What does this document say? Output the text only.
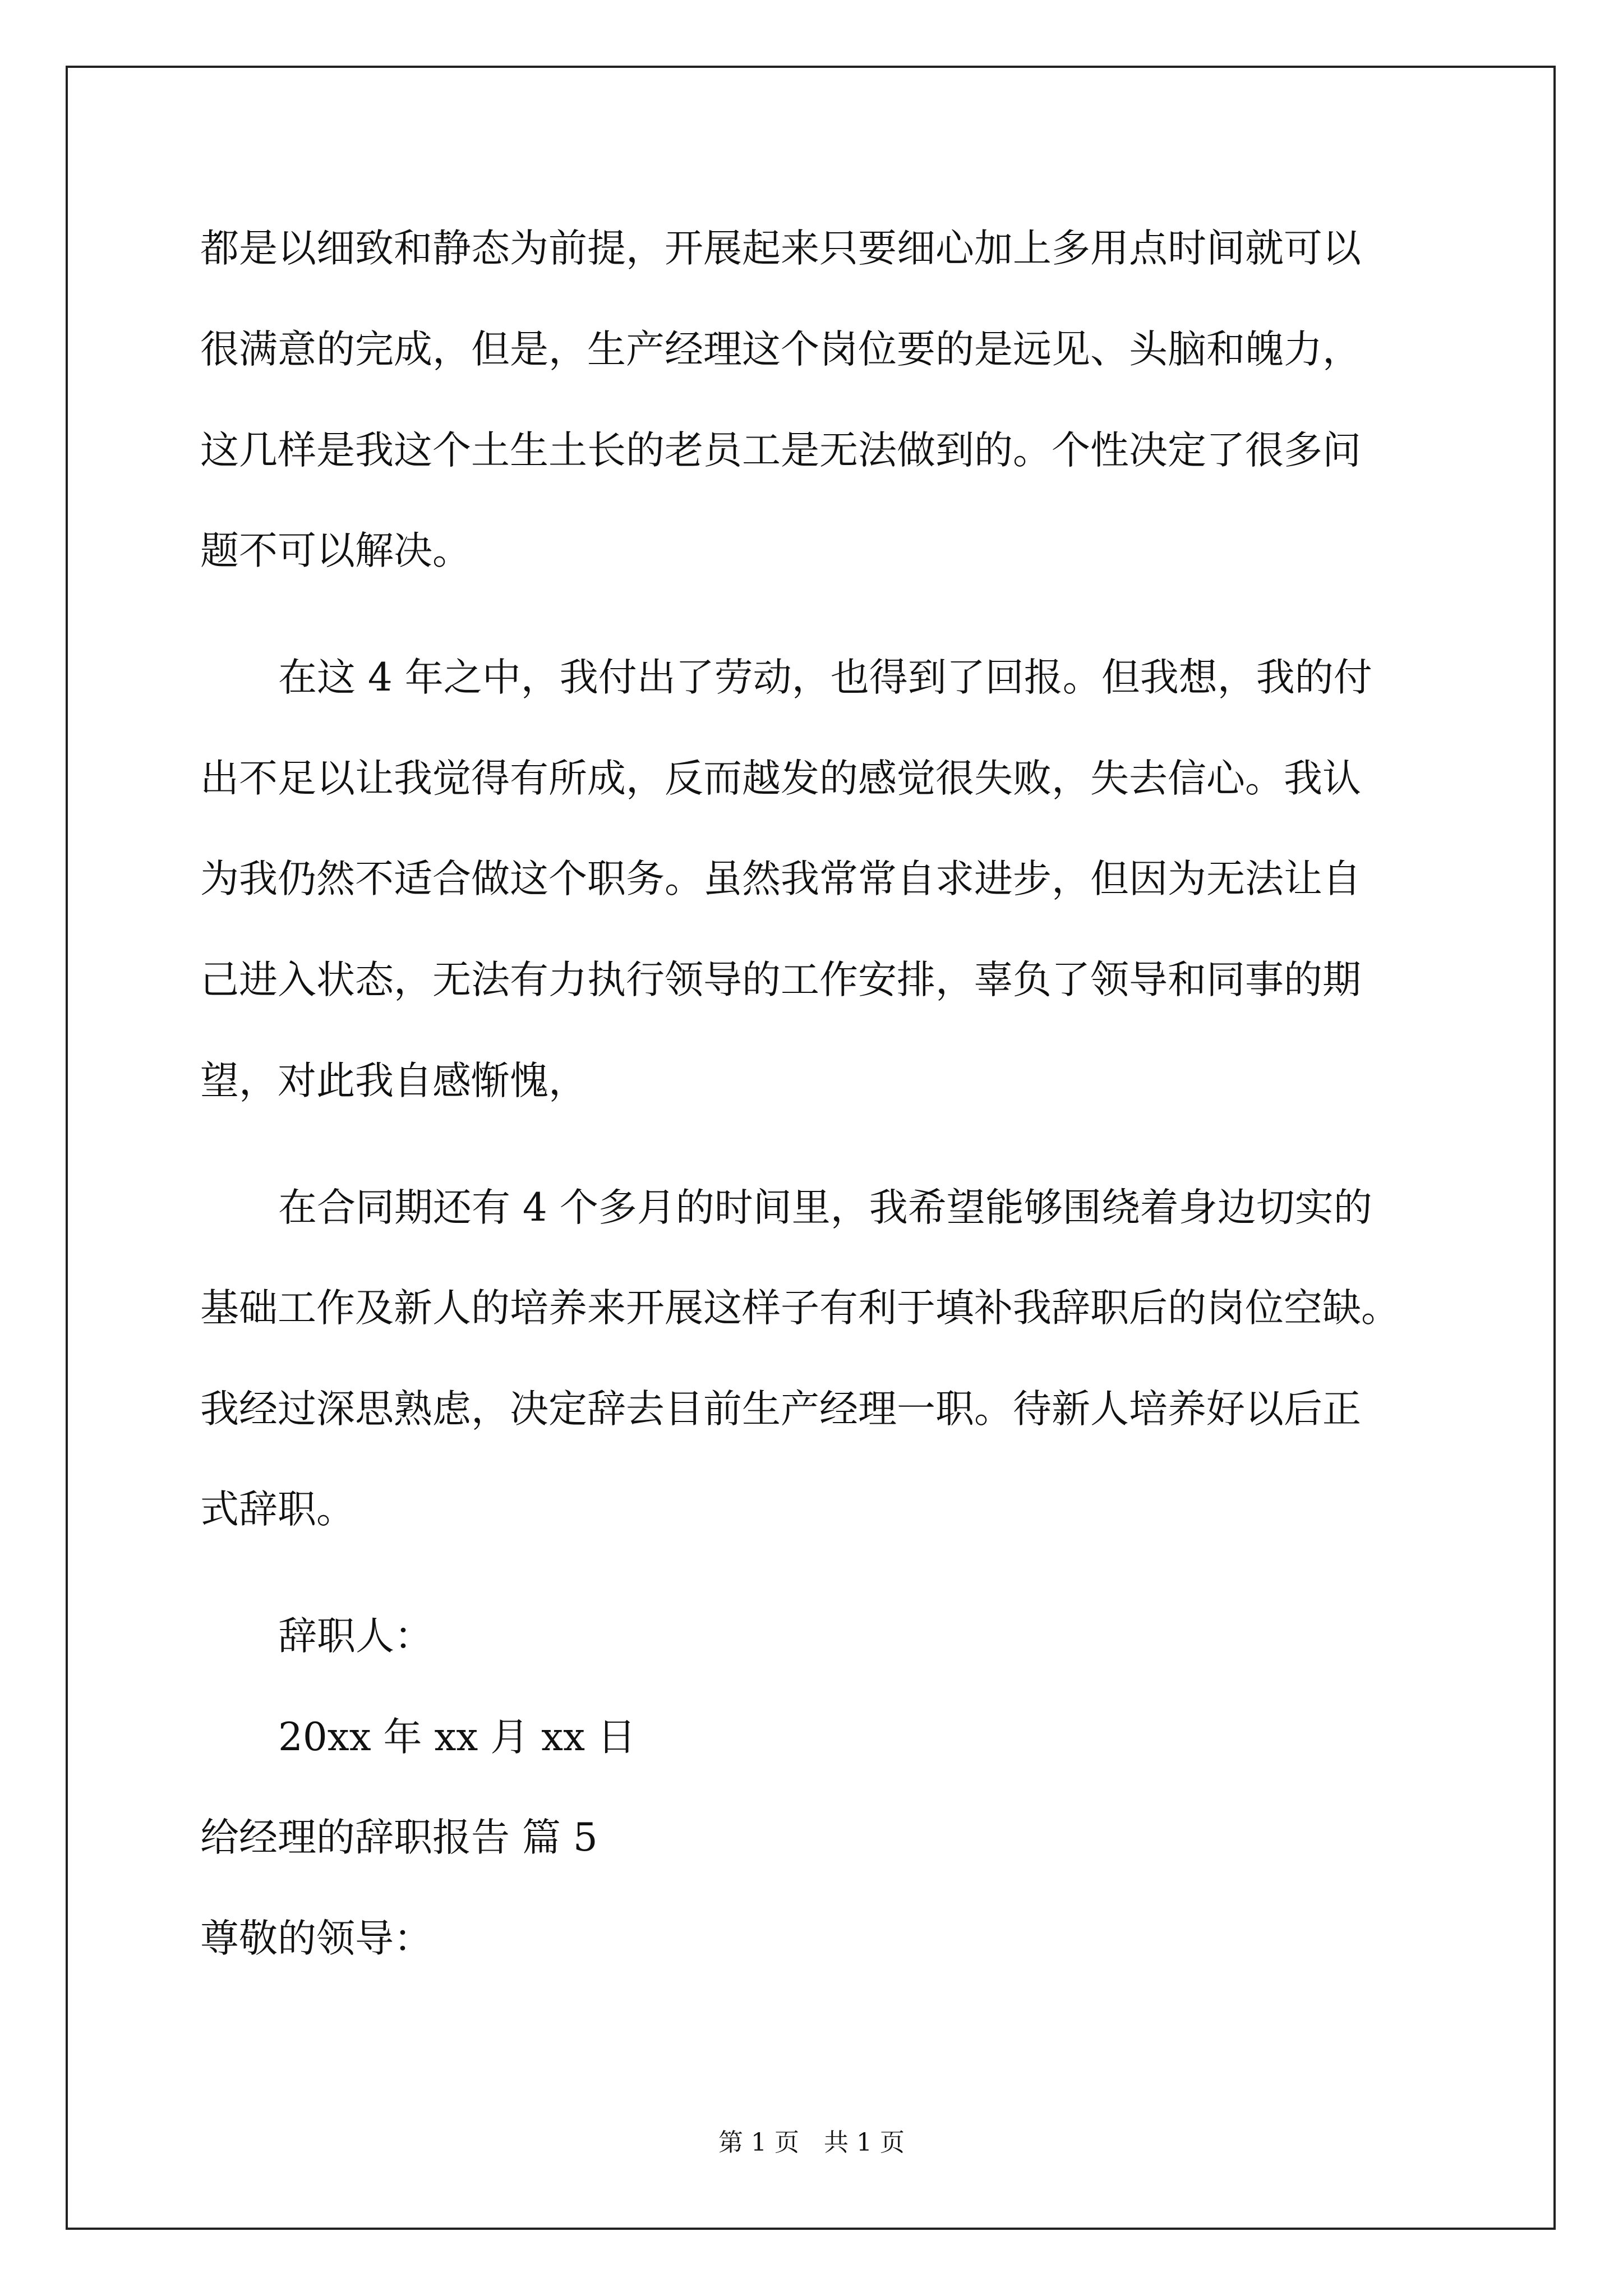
都是以细致和静态为前提，开展起来只要细心加上多用点时间就可以
很满意的完成，但是，生产经理这个岗位要的是远见、头脑和魄力，
这几样是我这个土生土长的老员工是无法做到的。个性决定了很多问
题不可以解决。
在这 4 年之中，我付出了劳动，也得到了回报。但我想，我的付
出不足以让我觉得有所成，反而越发的感觉很失败，失去信心。我认
为我仍然不适合做这个职务。虽然我常常自求进步，但因为无法让自
己进入状态，无法有力执行领导的工作安排，辜负了领导和同事的期
望，对此我自感惭愧，
在合同期还有 4 个多月的时间里，我希望能够围绕着身边切实的
基础工作及新人的培养来开展这样子有利于填补我辞职后的岗位空缺。
我经过深思熟虑，决定辞去目前生产经理一职。待新人培养好以后正
式辞职。
辞职人：
20xx 年 xx 月 xx 日
给经理的辞职报告 篇 5
尊敬的领导：
第 1 页　共 1 页
